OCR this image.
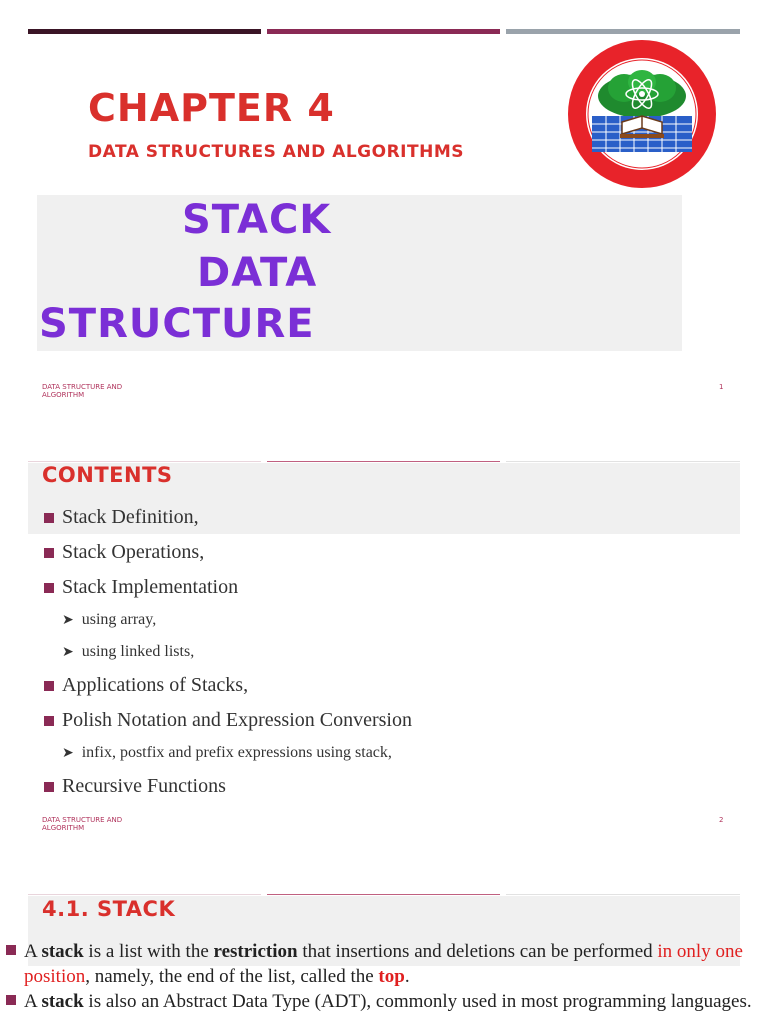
CHAPTER 4
DATA STRUCTURES AND ALGORITHMS
STACK
DATA
STRUCTURE
DATA STRUCTURE AND ALGORITHM
1
CONTENTS
Stack Definition,
Stack Operations,
Stack Implementation
➤ using array,
➤ using linked lists,
Applications of Stacks,
Polish Notation and Expression Conversion
➤ infix, postfix and prefix expressions using stack,
Recursive Functions
DATA STRUCTURE AND ALGORITHM
2
4.1. STACK
A stack is a list with the restriction that insertions and deletions can be performed in only one position, namely, the end of the list, called the top.
A stack is also an Abstract Data Type (ADT), commonly used in most programming languages.
